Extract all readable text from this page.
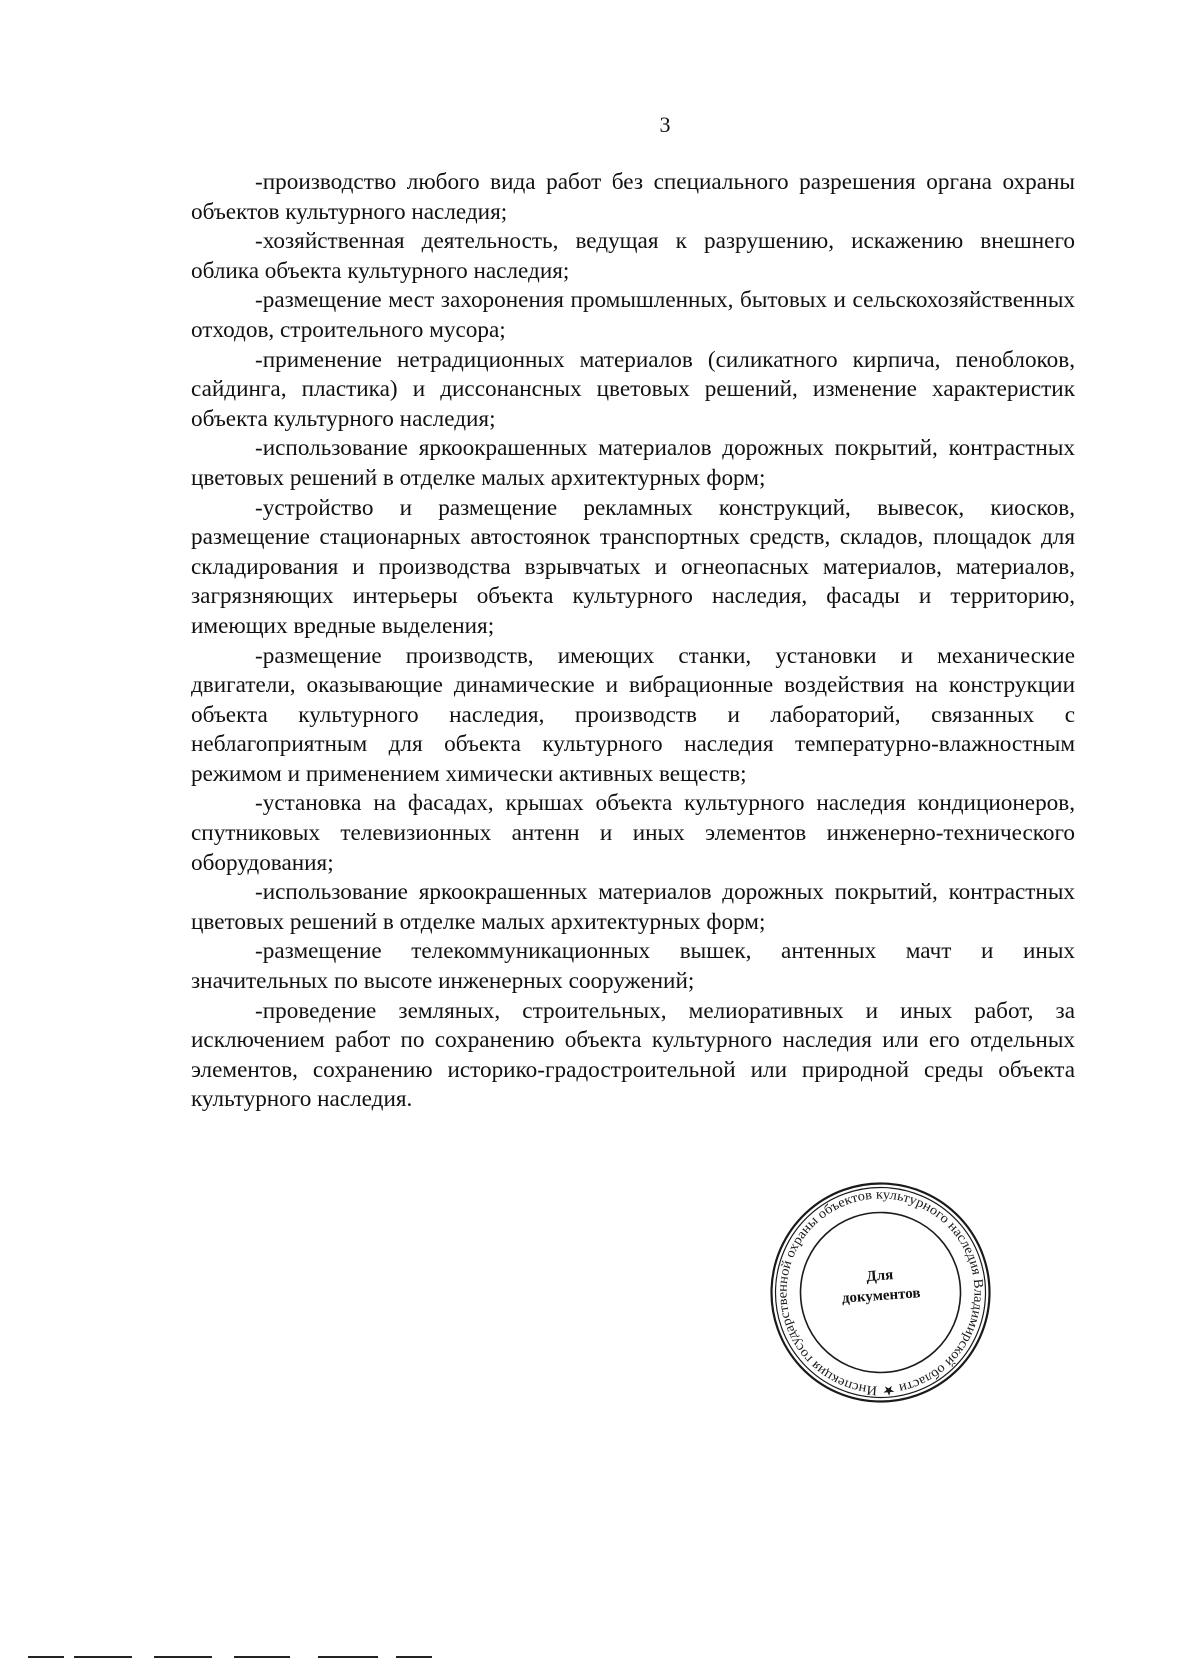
3

-производство любого вида работ без специального разрешения органа охраны объектов культурного наследия;

-хозяйственная деятельность, ведущая к разрушению, искажению внешнего облика объекта культурного наследия;

-размещение мест захоронения промышленных, бытовых и сельскохозяйственных отходов, строительного мусора;

-применение нетрадиционных материалов (силикатного кирпича, пеноблоков, сайдинга, пластика) и диссонансных цветовых решений, изменение характеристик объекта культурного наследия;

-использование яркоокрашенных материалов дорожных покрытий, контрастных цветовых решений в отделке малых архитектурных форм;

-устройство и размещение рекламных конструкций, вывесок, киосков, размещение стационарных автостоянок транспортных средств, складов, площадок для складирования и производства взрывчатых и огнеопасных материалов, материалов, загрязняющих интерьеры объекта культурного наследия, фасады и территорию, имеющих вредные выделения;

-размещение производств, имеющих станки, установки и механические двигатели, оказывающие динамические и вибрационные воздействия на конструкции объекта культурного наследия, производств и лабораторий, связанных с неблагоприятным для объекта культурного наследия температурно-влажностным режимом и применением химически активных веществ;

-установка на фасадах, крышах объекта культурного наследия кондиционеров, спутниковых телевизионных антенн и иных элементов инженерно-технического оборудования;

-использование яркоокрашенных материалов дорожных покрытий, контрастных цветовых решений в отделке малых архитектурных форм;

-размещение телекоммуникационных вышек, антенных мачт и иных значительных по высоте инженерных сооружений;

-проведение земляных, строительных, мелиоративных и иных работ, за исключением работ по сохранению объекта культурного наследия или его отдельных элементов, сохранению историко-градостроительной или природной среды объекта культурного наследия.

Инспекция государственной охраны объектов культурного наследия Владимирской области ★
Для
документов
